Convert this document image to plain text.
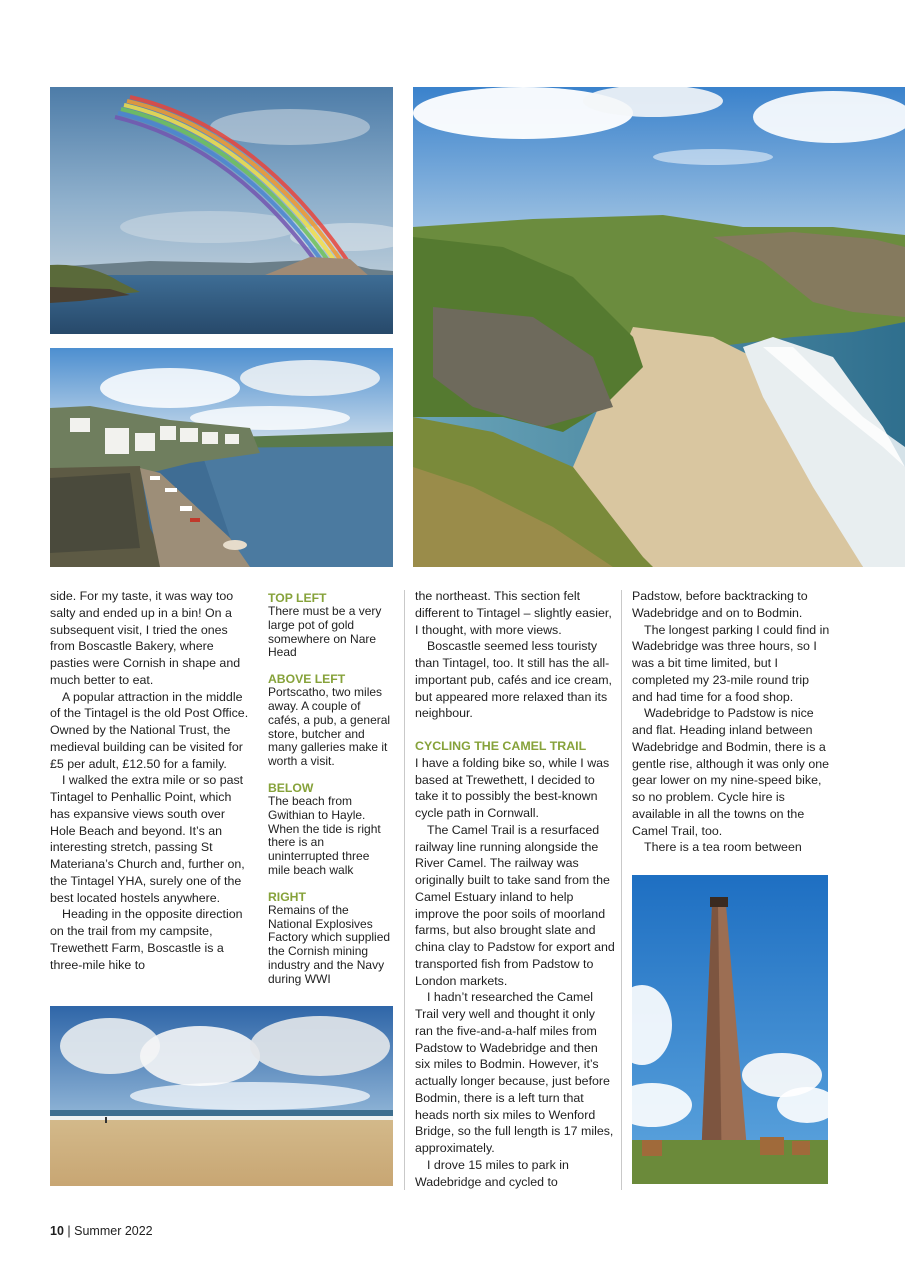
side. For my taste, it was way too salty and ended up in a bin! On a subsequent visit, I tried the ones from Boscastle Bakery, where pasties were Cornish in shape and much better to eat.

A popular attraction in the middle of the Tintagel is the old Post Office. Owned by the National Trust, the medieval building can be visited for £5 per adult, £12.50 for a family.

I walked the extra mile or so past Tintagel to Penhallic Point, which has expansive views south over Hole Beach and beyond. It’s an interesting stretch, passing St Materiana’s Church and, further on, the Tintagel YHA, surely one of the best located hostels anywhere.

Heading in the opposite direction on the trail from my campsite, Trewethett Farm, Boscastle is a three-mile hike to

TOP LEFT
There must be a very large pot of gold somewhere on Nare Head
ABOVE LEFT
Portscatho, two miles away. A couple of cafés, a pub, a general store, butcher and many galleries make it worth a visit.
BELOW
The beach from Gwithian to Hayle. When the tide is right there is an uninterrupted three mile beach walk
RIGHT
Remains of the National Explosives Factory which supplied the Cornish mining industry and the Navy during WWI

the northeast. This section felt different to Tintagel – slightly easier, I thought, with more views.

Boscastle seemed less touristy than Tintagel, too. It still has the all-important pub, cafés and ice cream, but appeared more relaxed than its neighbour.

CYCLING THE CAMEL TRAIL

I have a folding bike so, while I was based at Trewethett, I decided to take it to possibly the best-known cycle path in Cornwall.

The Camel Trail is a resurfaced railway line running alongside the River Camel. The railway was originally built to take sand from the Camel Estuary inland to help improve the poor soils of moorland farms, but also brought slate and china clay to Padstow for export and transported fish from Padstow to London markets.

I hadn’t researched the Camel Trail very well and thought it only ran the five-and-a-half miles from Padstow to Wadebridge and then six miles to Bodmin. However, it’s actually longer because, just before Bodmin, there is a left turn that heads north six miles to Wenford Bridge, so the full length is 17 miles, approximately.

I drove 15 miles to park in Wadebridge and cycled to

Padstow, before backtracking to Wadebridge and on to Bodmin.

The longest parking I could find in Wadebridge was three hours, so I was a bit time limited, but I completed my 23-mile round trip and had time for a food shop.

Wadebridge to Padstow is nice and flat. Heading inland between Wadebridge and Bodmin, there is a gentle rise, although it was only one gear lower on my nine-speed bike, so no problem. Cycle hire is available in all the towns on the Camel Trail, too.

There is a tea room between

10 | Summer 2022
